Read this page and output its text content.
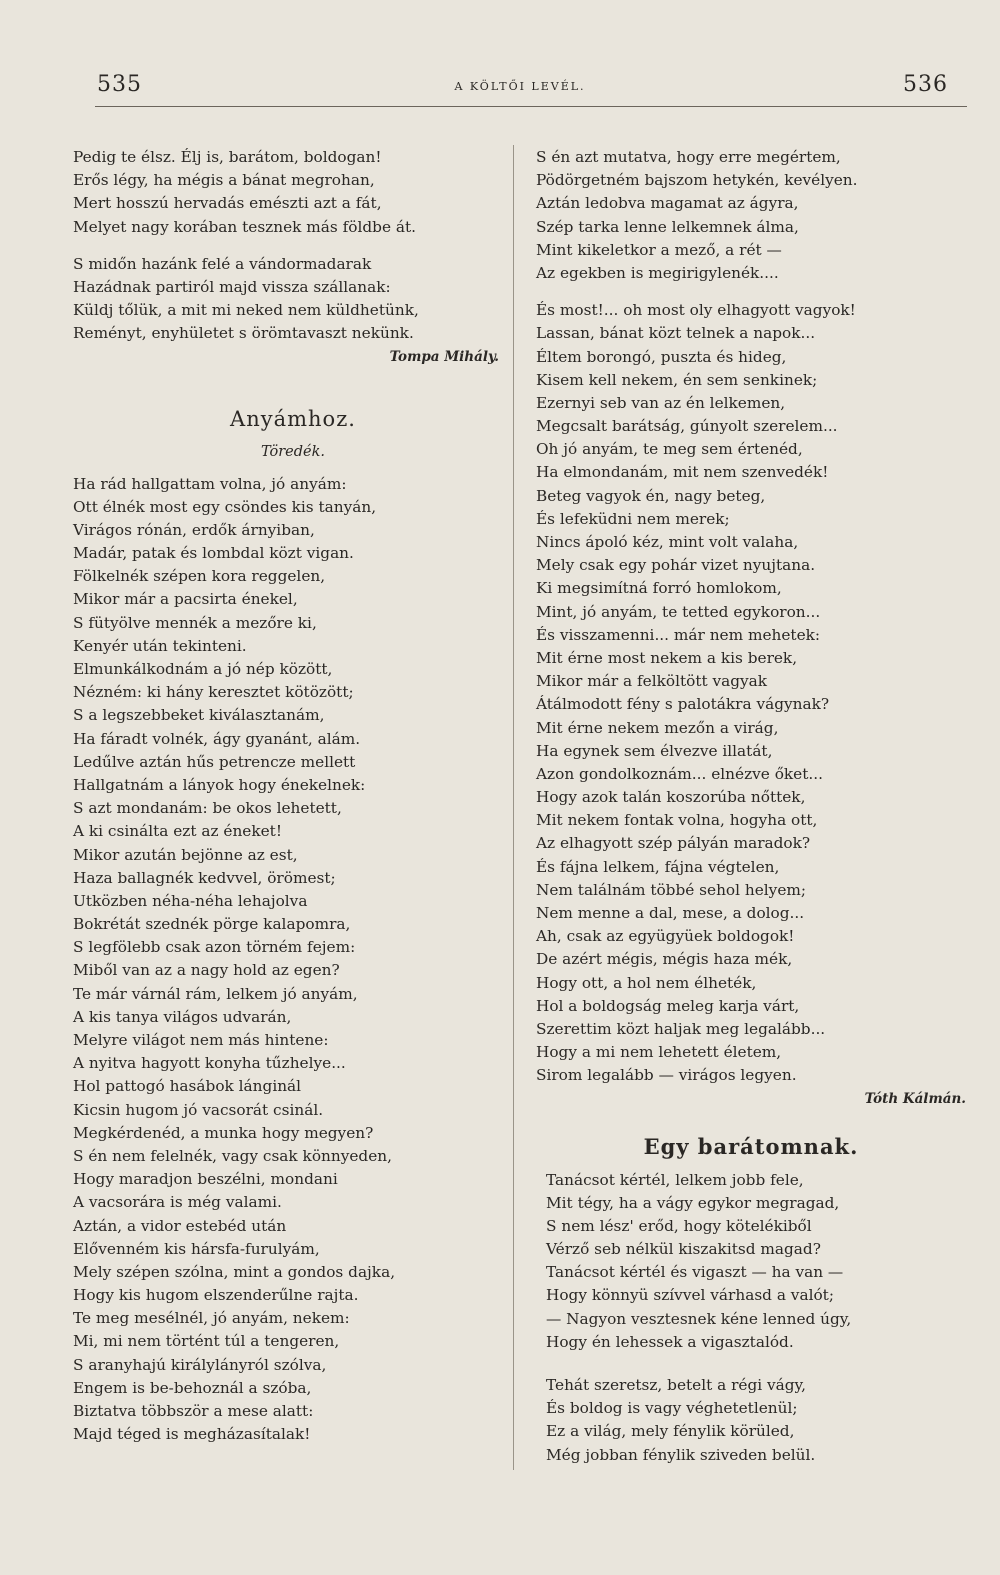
535	A KÖLTŐI LEVÉL.	536
Pedig te élsz. Élj is, barátom, boldogan!
Erős légy, ha mégis a bánat megrohan,
Mert hosszú hervadás emészti azt a fát,
Melyet nagy korában tesznek más földbe át.
S midőn hazánk felé a vándormadarak
Hazádnak partiról majd vissza szállanak:
Küldj tőlük, a mit mi neked nem küldhetünk,
Reményt, enyhületet s örömtavaszt nekünk.
Tompa Mihály.
Anyámhoz.
Töredék.
Ha rád hallgattam volna, jó anyám:
Ott élnék most egy csöndes kis tanyán,
Virágos rónán, erdők árnyiban,
Madár, patak és lombdal közt vigan.
Fölkelnék szépen kora reggelen,
Mikor már a pacsirta énekel,
S fütyölve mennék a mezőre ki,
Kenyér után tekinteni.
Elmunkálkodnám a jó nép között,
Nézném: ki hány keresztet kötözött;
S a legszebbeket kiválasztanám,
Ha fáradt volnék, ágy gyanánt, alám.
Ledűlve aztán hűs petrencze mellett
Hallgatnám a lányok hogy énekelnek:
S azt mondanám: be okos lehetett,
A ki csinálta ezt az éneket!
Mikor azután bejönne az est,
Haza ballagnék kedvvel, örömest;
Utközben néha-néha lehajolva
Bokrétát szednék pörge kalapomra,
S legfölebb csak azon törném fejem:
Miből van az a nagy hold az egen?
Te már várnál rám, lelkem jó anyám,
A kis tanya világos udvarán,
Melyre világot nem más hintene:
A nyitva hagyott konyha tűzhelye...
Hol pattogó hasábok lánginál
Kicsin hugom jó vacsorát csinál.
Megkérdenéd, a munka hogy megyen?
S én nem felelnék, vagy csak könnyeden,
Hogy maradjon beszélni, mondani
A vacsorára is még valami.
Aztán, a vidor estebéd után
Elővenném kis hársfa-furulyám,
Mely szépen szólna, mint a gondos dajka,
Hogy kis hugom elszenderűlne rajta.
Te meg mesélnél, jó anyám, nekem:
Mi, mi nem történt túl a tengeren,
S aranyhajú királylányról szólva,
Engem is be-behoznál a szóba,
Biztatva többször a mese alatt:
Majd téged is megházasítalak!
S én azt mutatva, hogy erre megértem,
Pödörgetném bajszom hetykén, kevélyen.
Aztán ledobva magamat az ágyra,
Szép tarka lenne lelkemnek álma,
Mint kikeletkor a mező, a rét —
Az egekben is megirigylenék....
És most!... oh most oly elhagyott vagyok!
Lassan, bánat közt telnek a napok...
Éltem borongó, puszta és hideg,
Kisem kell nekem, én sem senkinek;
Ezernyi seb van az én lelkemen,
Megcsalt barátság, gúnyolt szerelem...
Oh jó anyám, te meg sem értenéd,
Ha elmondanám, mit nem szenvedék!
Beteg vagyok én, nagy beteg,
És lefeküdni nem merek;
Nincs ápoló kéz, mint volt valaha,
Mely csak egy pohár vizet nyujtana.
Ki megsimítná forró homlokom,
Mint, jó anyám, te tetted egykoron...
És visszamenni... már nem mehetek:
Mit érne most nekem a kis berek,
Mikor már a felköltött vagyak
Átálmodott fény s palotákra vágynak?
Mit érne nekem mezőn a virág,
Ha egynek sem élvezve illatát,
Azon gondolkoznám... elnézve őket...
Hogy azok talán koszorúba nőttek,
Mit nekem fontak volna, hogyha ott,
Az elhagyott szép pályán maradok?
És fájna lelkem, fájna végtelen,
Nem találnám többé sehol helyem;
Nem menne a dal, mese, a dolog...
Ah, csak az együgyüek boldogok!
De azért mégis, mégis haza mék,
Hogy ott, a hol nem élheték,
Hol a boldogság meleg karja várt,
Szerettim közt haljak meg legalább...
Hogy a mi nem lehetett életem,
Sirom legalább — virágos legyen.
Tóth Kálmán.
Egy barátomnak.
Tanácsot kértél, lelkem jobb fele,
Mit tégy, ha a vágy egykor megragad,
S nem lész' erőd, hogy kötelékiből
Vérző seb nélkül kiszakitsd magad?
Tanácsot kértél és vigaszt — ha van —
Hogy könnyü szívvel várhasd a valót;
— Nagyon vesztesnek kéne lenned úgy,
Hogy én lehessek a vigasztalód.
Tehát szeretsz, betelt a régi vágy,
És boldog is vagy véghetetlenül;
Ez a világ, mely fénylik körüled,
Még jobban fénylik sziveden belül.
